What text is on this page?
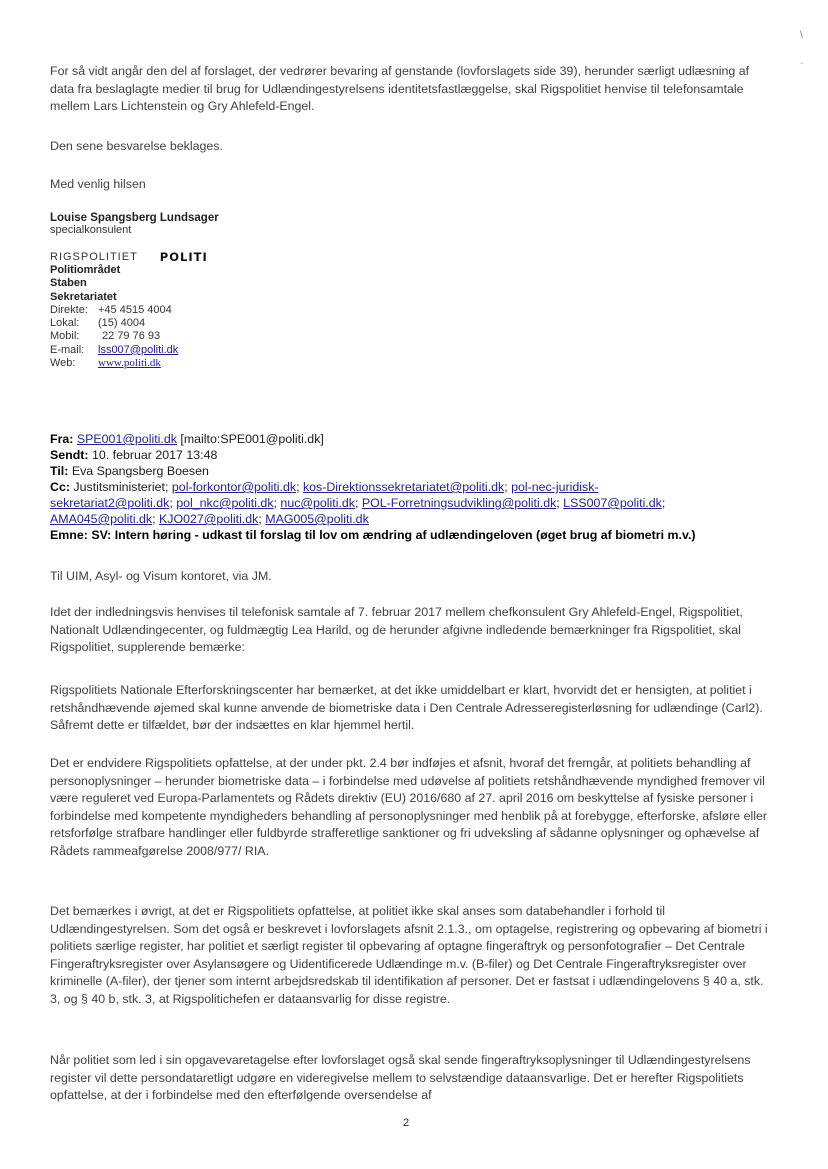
\
-

For så vidt angår den del af forslaget, der vedrører bevaring af genstande (lovforslagets side 39), herunder særligt udlæsning af data fra beslaglagte medier til brug for Udlændingestyrelsens identitetsfastlæggelse, skal Rigspolitiet henvise til telefonsamtale mellem Lars Lichtenstein og Gry Ahlefeld-Engel.

Den sene besvarelse beklages.

Med venlig hilsen

Louise Spangsberg Lundsager
specialkonsulent
RIGSPOLITIET POLITI
Politiområdet
Staben
Sekretariatet
Direkte: +45 4515 4004
Lokal:	(15) 4004
Mobil:	22 79 76 93
E-mail:	lss007@politi.dk
Web:	www.politi.dk
Fra: SPE001@politi.dk [mailto:SPE001@politi.dk]
Sendt: 10. februar 2017 13:48
Til: Eva Spangsberg Boesen
Cc: Justitsministeriet; pol-forkontor@politi.dk; kos-Direktionssekretariatet@politi.dk; pol-nec-juridisk-
sekretariat2@politi.dk; pol_nkc@politi.dk; nuc@politi.dk; POL-Forretningsudvikling@politi.dk; LSS007@politi.dk;
AMA045@politi.dk; KJO027@politi.dk; MAG005@politi.dk
Emne: SV: Intern høring - udkast til forslag til lov om ændring af udlændingeloven (øget brug af biometri m.v.)

Til UIM, Asyl- og Visum kontoret, via JM.

Idet der indledningsvis henvises til telefonisk samtale af 7. februar 2017 mellem chefkonsulent Gry Ahlefeld-Engel, Rigspolitiet, Nationalt Udlændingecenter, og fuldmægtig Lea Harild, og de herunder afgivne indledende bemærkninger fra Rigspolitiet, skal Rigspolitiet, supplerende bemærke:

Rigspolitiets Nationale Efterforskningscenter har bemærket, at det ikke umiddelbart er klart, hvorvidt det er hensigten, at politiet i retshåndhævende øjemed skal kunne anvende de biometriske data i Den Centrale Adresseregisterløsning for udlændinge (Carl2). Såfremt dette er tilfældet, bør der indsættes en klar hjemmel hertil.

Det er endvidere Rigspolitiets opfattelse, at der under pkt. 2.4 bør indføjes et afsnit, hvoraf det fremgår, at politiets behandling af personoplysninger – herunder biometriske data – i forbindelse med udøvelse af politiets retshåndhævende myndighed fremover vil være reguleret ved Europa-Parlamentets og Rådets direktiv (EU) 2016/680 af 27. april 2016 om beskyttelse af fysiske personer i forbindelse med kompetente myndigheders behandling af personoplysninger med henblik på at forebygge, efterforske, afsløre eller retsforfølge strafbare handlinger eller fuldbyrde strafferetlige sanktioner og fri udveksling af sådanne oplysninger og ophævelse af Rådets rammeafgørelse 2008/977/ RIA.

Det bemærkes i øvrigt, at det er Rigspolitiets opfattelse, at politiet ikke skal anses som databehandler i forhold til Udlændingestyrelsen. Som det også er beskrevet i lovforslagets afsnit 2.1.3., om optagelse, registrering og opbevaring af biometri i politiets særlige register, har politiet et særligt register til opbevaring af optagne fingeraftryk og personfotografier – Det Centrale Fingeraftryksregister over Asylansøgere og Uidentificerede Udlændinge m.v. (B-filer) og Det Centrale Fingeraftryksregister over kriminelle (A-filer), der tjener som internt arbejdsredskab til identifikation af personer. Det er fastsat i udlændingelovens § 40 a, stk. 3, og § 40 b, stk. 3, at Rigspolitichefen er dataansvarlig for disse registre.

Når politiet som led i sin opgavevaretagelse efter lovforslaget også skal sende fingeraftryksoplysninger til Udlændingestyrelsens register vil dette persondataretligt udgøre en videregivelse mellem to selvstændige dataansvarlige. Det er herefter Rigspolitiets opfattelse, at der i forbindelse med den efterfølgende oversendelse af

2
